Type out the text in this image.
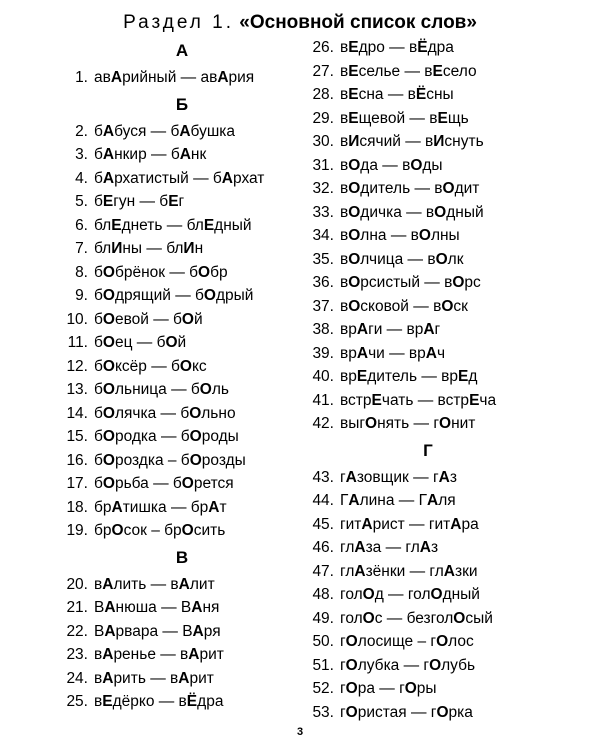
Раздел 1. «Основной список слов»
А
1. авАрийный — авАрия
Б
2. бАбуся — бАбушка
3. бАнкир — бАнк
4. бАрхатистый — бАрхат
5. бЕгун — бЕг
6. блЕднеть — блЕдный
7. блИны — блИн
8. бОбрёнок — бОбр
9. бОдрящий — бОдрый
10. бОевой — бОй
11. бОец — бОй
12. бОксёр — бОкс
13. бОльница — бОль
14. бОлячка — бОльно
15. бОродка — бОроды
16. бОроздка – бОрозды
17. бОрьба — бОрется
18. брАтишка — брАт
19. брОсок – брОсить
В
20. вАлить — вАлит
21. ВАнюша — ВАня
22. ВАрвара — ВАря
23. вАренье — вАрит
24. вАрить — вАрит
25. вЕдёрко — вЁдра
26. вЕдро — вЁдра
27. вЕселье — вЕсело
28. вЕсна — вЁсны
29. вЕщевой — вЕщь
30. вИсячий — вИснуть
31. вОда — вОды
32. вОдитель — вОдит
33. вОдичка — вОдный
34. вОлна — вОлны
35. вОлчица — вОлк
36. вОрсистый — вОрс
37. вОсковой — вОск
38. врАги — врАг
39. врАчи — врАч
40. врЕдитель — врЕд
41. встрЕчать — встрЕча
42. выгОнять — гОнит
Г
43. гАзовщик — гАз
44. ГАлина — ГАля
45. гитАрист — гитАра
46. глАза — глАз
47. глАзёнки — глАзки
48. голОд — голОдный
49. голОс — безголОсый
50. гОлосище – гОлос
51. гОлубка — гОлубь
52. гОра — гОры
53. гОристая — гОрка
3
